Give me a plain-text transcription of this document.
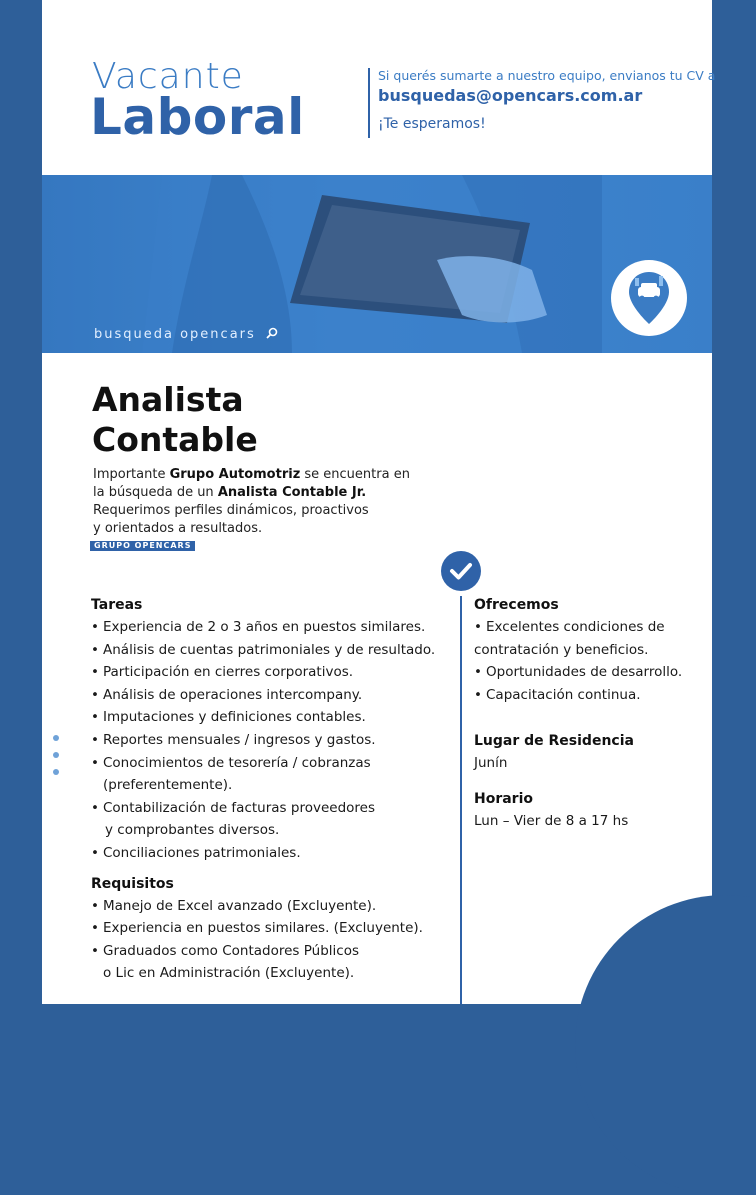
Vacante
Laboral
Si querés sumarte a nuestro equipo, envianos tu CV a
busquedas@opencars.com.ar
¡Te esperamos!
busqueda opencars
Analista
Contable
Importante Grupo Automotriz se encuentra en
la búsqueda de un Analista Contable Jr.
Requerimos perfiles dinámicos, proactivos
y orientados a resultados.
GRUPO OPENCARS
Tareas
• Experiencia de 2 o 3 años en puestos similares.
• Análisis de cuentas patrimoniales y de resultado.
• Participación en cierres corporativos.
• Análisis de operaciones intercompany.
• Imputaciones y definiciones contables.
• Reportes mensuales / ingresos y gastos.
• Conocimientos de tesorería / cobranzas
(preferentemente).
• Contabilización de facturas proveedores
y comprobantes diversos.
• Conciliaciones patrimoniales.
Requisitos
• Manejo de Excel avanzado (Excluyente).
• Experiencia en puestos similares. (Excluyente).
• Graduados como Contadores Públicos
o Lic en Administración (Excluyente).
Ofrecemos
• Excelentes condiciones de
contratación y beneficios.
• Oportunidades de desarrollo.
• Capacitación continua.
Lugar de Residencia
Junín
Horario
Lun – Vier de 8 a 17 hs
